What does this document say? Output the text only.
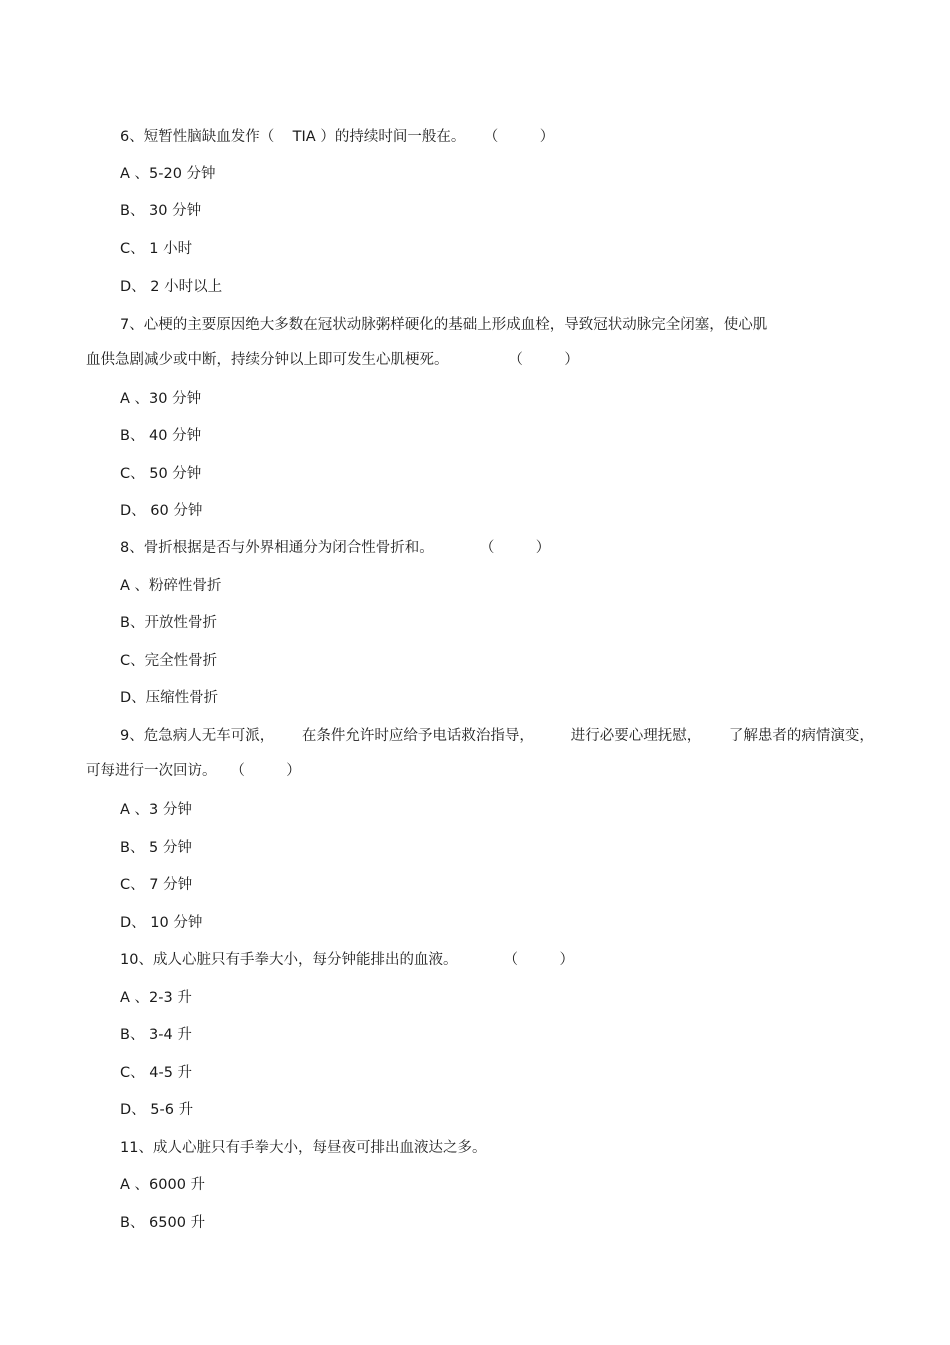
6、短暂性脑缺血发作（    TIA ）的持续时间一般在。    （         ）
A 、5-20 分钟
B、 30 分钟
C、 1 小时
D、 2 小时以上
7、心梗的主要原因绝大多数在冠状动脉粥样硬化的基础上形成血栓，导致冠状动脉完全闭塞，使心肌
血供急剧减少或中断，持续分钟以上即可发生心肌梗死。             （         ）
A 、30 分钟
B、 40 分钟
C、 50 分钟
D、 60 分钟
8、骨折根据是否与外界相通分为闭合性骨折和。          （         ）
A 、粉碎性骨折
B、开放性骨折
C、完全性骨折
D、压缩性骨折
9、危急病人无车可派，      在条件允许时应给予电话救治指导，        进行必要心理抚慰，      了解患者的病情演变，
可每进行一次回访。   （         ）
A 、3 分钟
B、 5 分钟
C、 7 分钟
D、 10 分钟
10、成人心脏只有手拳大小，每分钟能排出的血液。          （         ）
A 、2-3 升
B、 3-4 升
C、 4-5 升
D、 5-6 升
11、成人心脏只有手拳大小，每昼夜可排出血液达之多。
A 、6000 升
B、 6500 升
